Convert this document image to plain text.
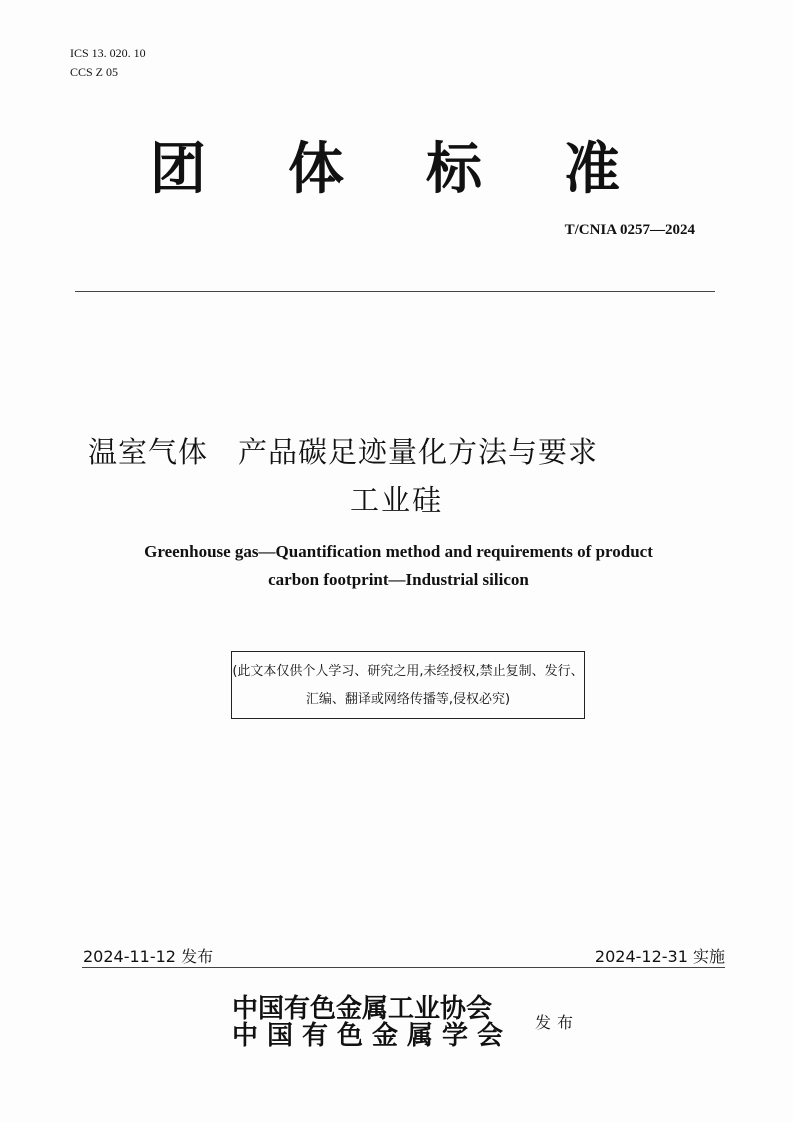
ICS 13. 020. 10
CCS Z 05
团体标准
T/CNIA 0257—2024
温室气体　产品碳足迹量化方法与要求
工业硅
Greenhouse gas—Quantification method and requirements of product
carbon footprint—Industrial silicon
(此文本仅供个人学习、研究之用,未经授权,禁止复制、发行、汇编、翻译或网络传播等,侵权必究)
2024-11-12 发布	2024-12-31 实施
中国有色金属工业协会
中国有色金属学会 发布
